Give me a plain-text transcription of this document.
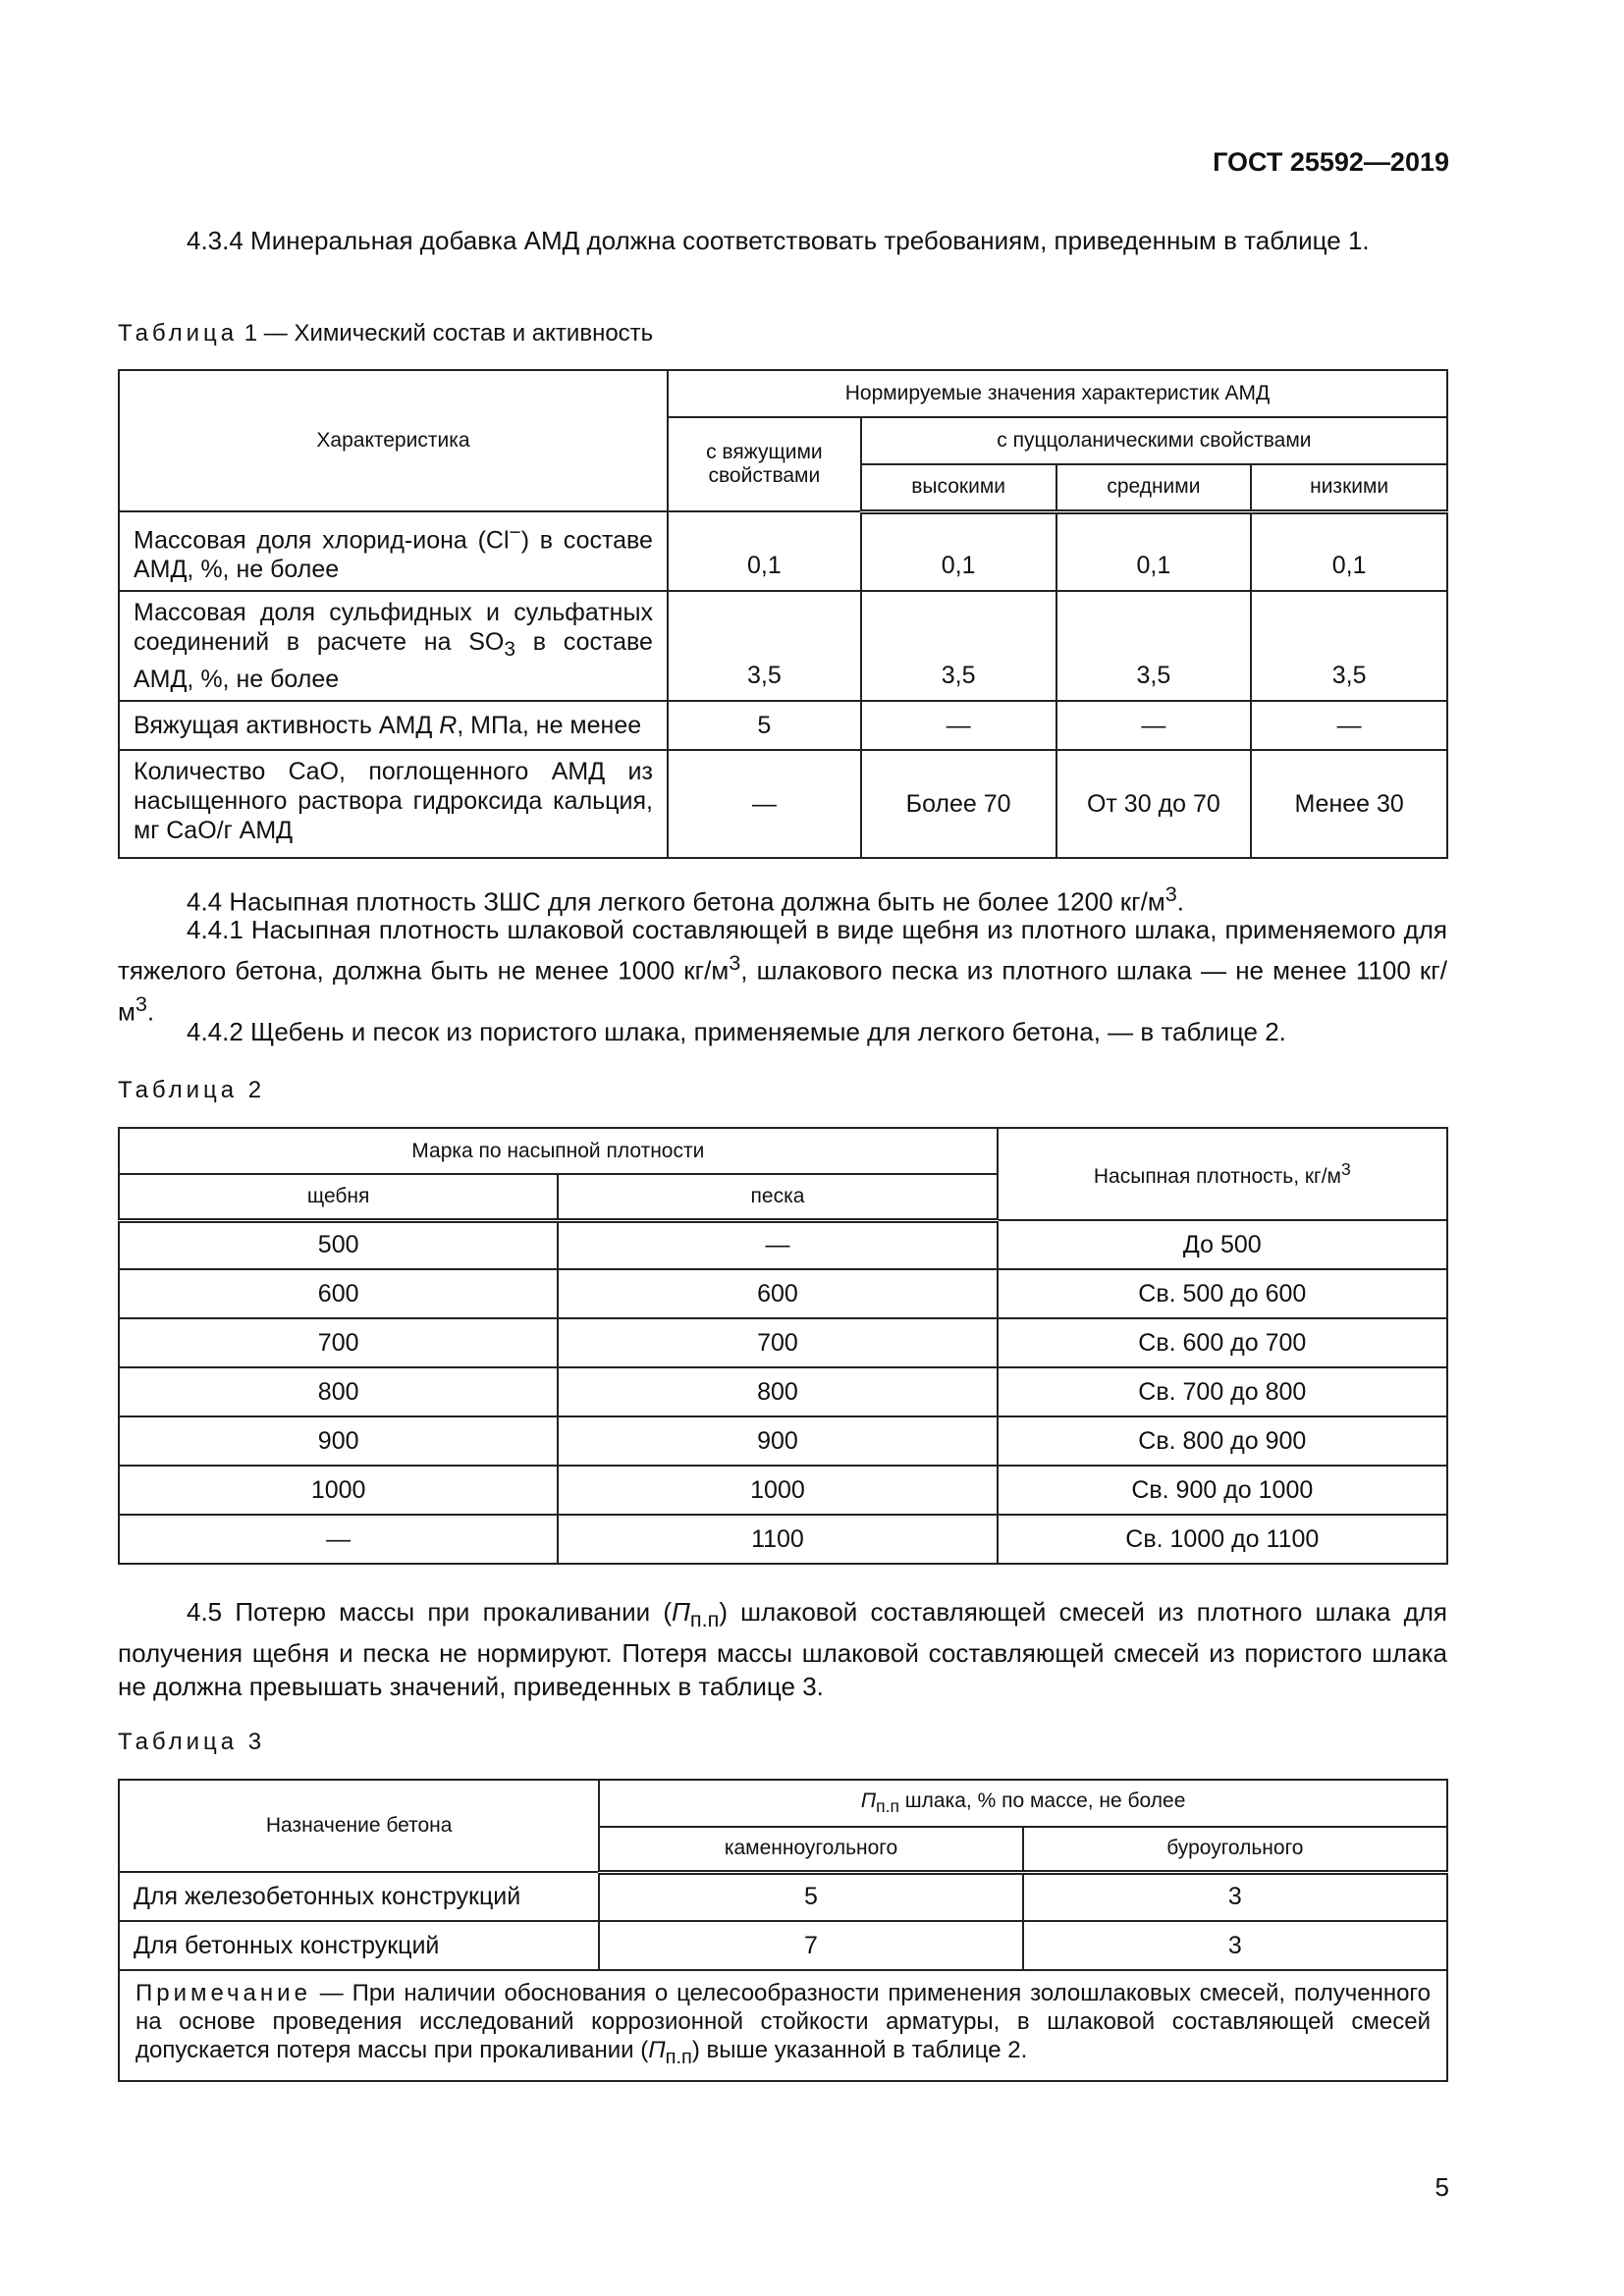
ГОСТ 25592—2019

4.3.4 Минеральная добавка АМД должна соответствовать требованиям, приведенным в таблице 1.

Таблица 1 — Химический состав и активность
Характеристика	Нормируемые значения характеристик АМД			
	с вяжущими свойствами	с пуццоланическими свойствами		
		высокими	средними	низкими
Массовая доля хлорид-иона (Cl−) в составе АМД, %, не более	0,1	0,1	0,1	0,1
Массовая доля сульфидных и сульфатных соединений в расчете на $SO_3$ в составе АМД, %, не более	3,5	3,5	3,5	3,5
Вяжущая активность АМД R, МПа, не менее	5	—	—	—
Количество CaO, поглощенного АМД из насыщенного раствора гидроксида кальция, мг CaO/г АМД	—	Более 70	От 30 до 70	Менее 30

4.4 Насыпная плотность ЗШС для легкого бетона должна быть не более 1200 $кг/м^3$.

4.4.1 Насыпная плотность шлаковой составляющей в виде щебня из плотного шлака, применяемого для тяжелого бетона, должна быть не менее 1000 $кг/м^3$, шлакового песка из плотного шлака — не менее 1100 $кг/м^3$.

4.4.2 Щебень и песок из пористого шлака, применяемые для легкого бетона, — в таблице 2.

Таблица 2
Марка по насыпной плотности		Насыпная плотность, $кг/м^3$
щебня	песка	
500	—	До 500
600	600	Св. 500 до 600
700	700	Св. 600 до 700
800	800	Св. 700 до 800
900	900	Св. 800 до 900
1000	1000	Св. 900 до 1000
—	1100	Св. 1000 до 1100

4.5 Потерю массы при прокаливании $(П_{п.п})$ шлаковой составляющей смесей из плотного шлака для получения щебня и песка не нормируют. Потеря массы шлаковой составляющей смесей из пористого шлака не должна превышать значений, приведенных в таблице 3.

Таблица 3
Назначение бетона	$П_{п.п}$ шлака, % по массе, не более	
	каменноугольного	буроугольного
Для железобетонных конструкций	5	3
Для бетонных конструкций	7	3
Примечание — При наличии обоснования о целесообразности применения золошлаковых смесей, полученного на основе проведения исследований коррозионной стойкости арматуры, в шлаковой составляющей смесей допускается потеря массы при прокаливании $(П_{п.п})$ выше указанной в таблице 2.		
5
